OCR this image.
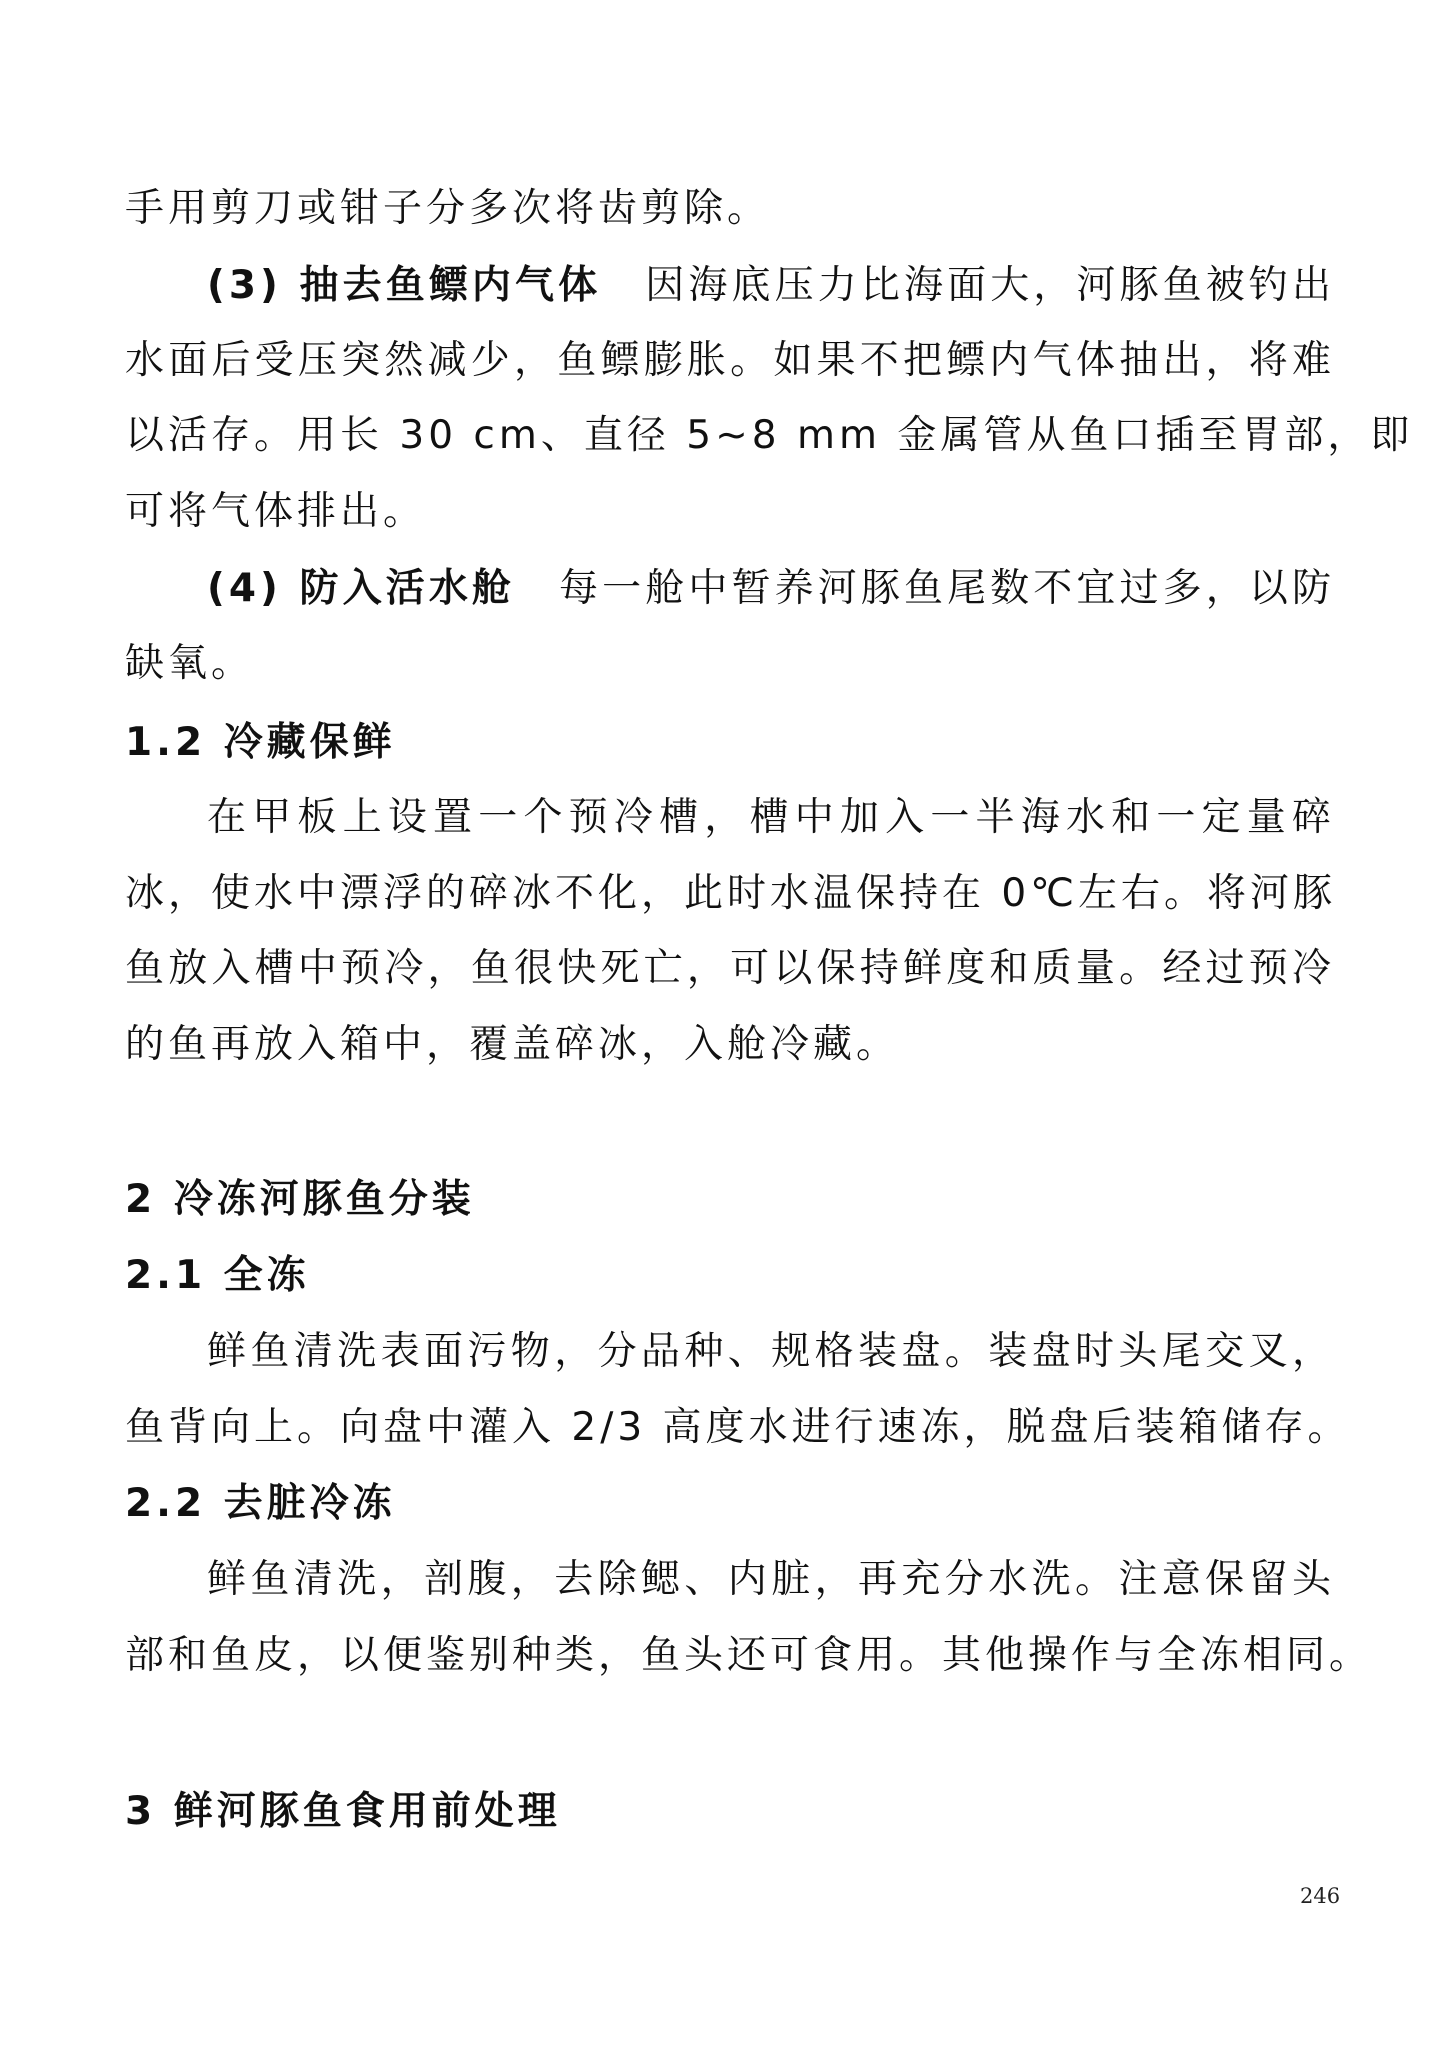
手用剪刀或钳子分多次将齿剪除。
(3) 抽去鱼鳔内气体 因海底压力比海面大，河豚鱼被钓出
水面后受压突然减少，鱼鳔膨胀。如果不把鳔内气体抽出，将难
以活存。用长 30 cm、直径 5~8 mm 金属管从鱼口插至胃部，即
可将气体排出。
(4) 防入活水舱 每一舱中暂养河豚鱼尾数不宜过多，以防
缺氧。
1.2 冷藏保鲜
在甲板上设置一个预冷槽，槽中加入一半海水和一定量碎
冰，使水中漂浮的碎冰不化，此时水温保持在 0℃左右。将河豚
鱼放入槽中预冷，鱼很快死亡，可以保持鲜度和质量。经过预冷
的鱼再放入箱中，覆盖碎冰，入舱冷藏。
2 冷冻河豚鱼分装
2.1 全冻
鲜鱼清洗表面污物，分品种、规格装盘。装盘时头尾交叉，
鱼背向上。向盘中灌入 2/3 高度水进行速冻，脱盘后装箱储存。
2.2 去脏冷冻
鲜鱼清洗，剖腹，去除鳃、内脏，再充分水洗。注意保留头
部和鱼皮，以便鉴别种类，鱼头还可食用。其他操作与全冻相同。
3 鲜河豚鱼食用前处理
246
